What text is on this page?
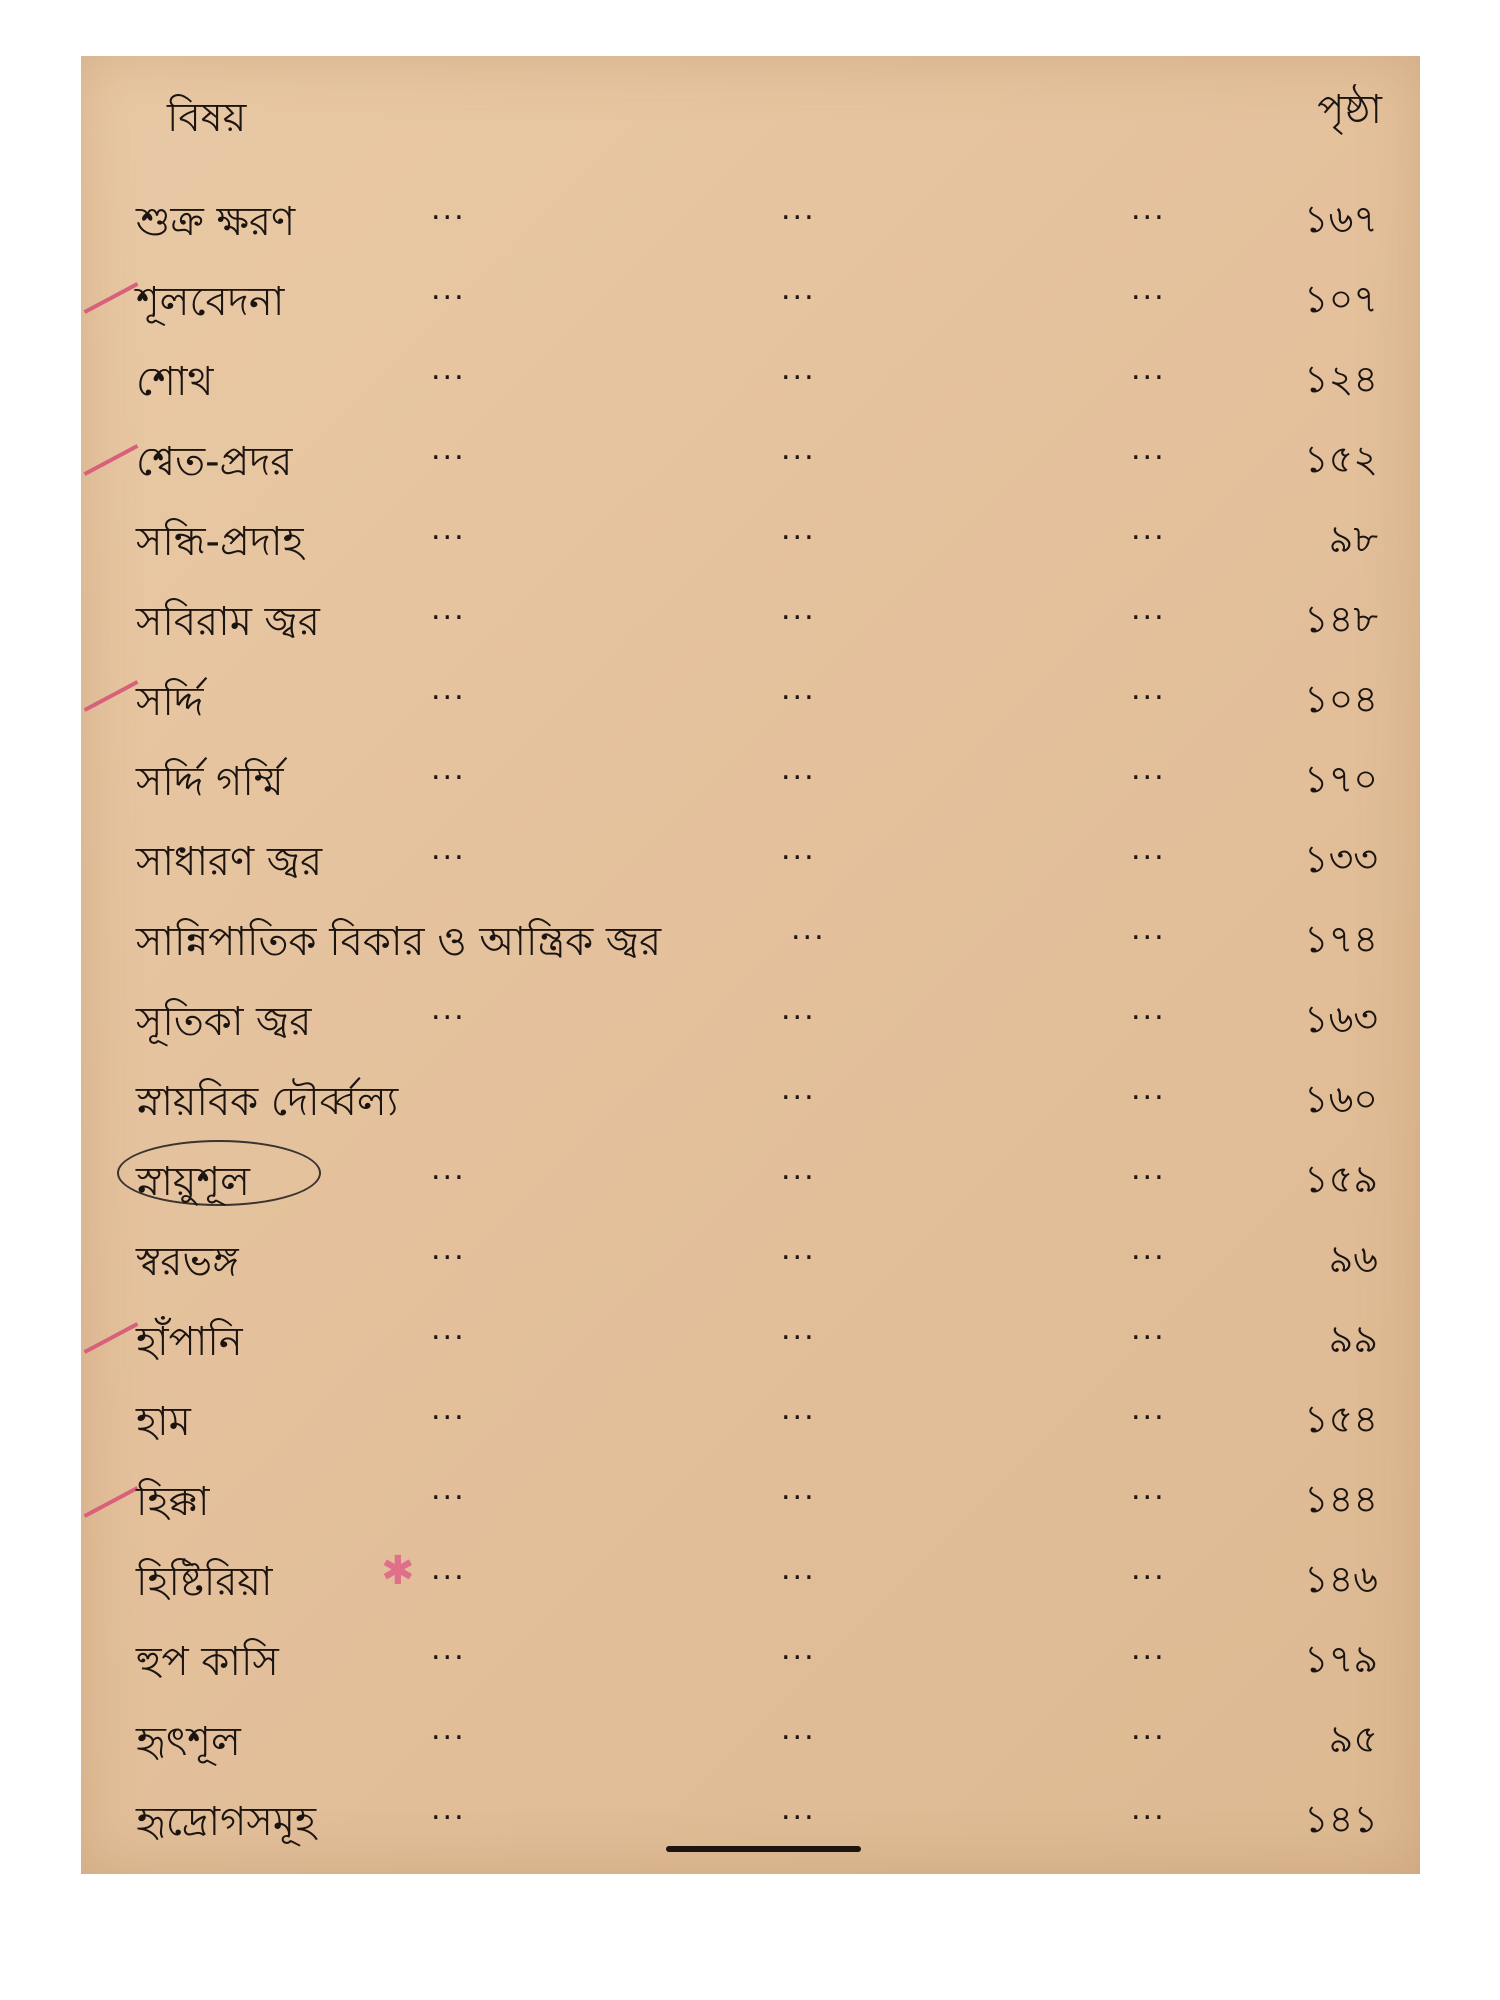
বিষয়	পৃষ্ঠা
শুক্র ক্ষরণ	...	...	...	১৬৭
শূলবেদনা	...	...	...	১০৭
শোথ	...	...	...	১২৪
শ্বেত-প্রদর	...	...	...	১৫২
সন্ধি-প্রদাহ	...	...	...	৯৮
সবিরাম জ্বর	...	...	...	১৪৮
সর্দ্দি	...	...	...	১০৪
সর্দ্দি গর্ম্মি	...	...	...	১৭০
সাধারণ জ্বর	...	...	...	১৩৩
সান্নিপাতিক বিকার ও আন্ত্রিক জ্বর	...	...	১৭৪
সূতিকা জ্বর	...	...	...	১৬৩
স্নায়বিক দৌর্ব্বল্য	...	...	১৬০
স্নায়ুশূল	...	...	...	১৫৯
স্বরভঙ্গ	...	...	...	৯৬
হাঁপানি	...	...	...	৯৯
হাম	...	...	...	১৫৪
হিক্কা	...	...	...	১৪৪
হিষ্টিরিয়া	✱ ...	...	...	১৪৬
হুপ কাসি	...	...	...	১৭৯
হৃৎশূল	...	...	...	৯৫
হৃদ্রোগসমূহ	...	...	...	১৪১
